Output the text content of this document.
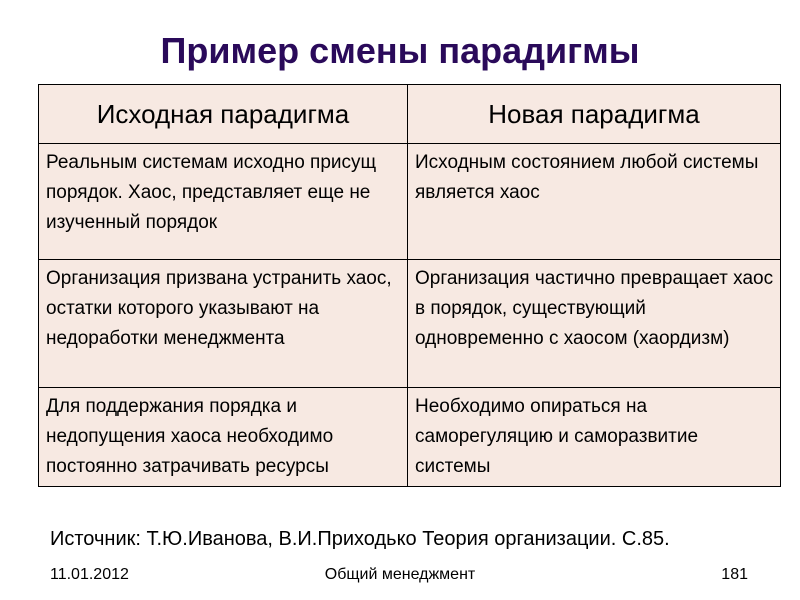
Пример смены парадигмы
Исходная парадигма	Новая парадигма
Реальным системам исходно присущ порядок. Хаос, представляет еще не изученный порядок	Исходным состоянием любой системы является хаос
Организация призвана устранить хаос, остатки которого указывают на недоработки менеджмента	Организация частично превращает хаос в порядок, существующий одновременно с хаосом (хаордизм)
Для поддержания порядка и недопущения хаоса необходимо постоянно затрачивать ресурсы	Необходимо опираться на саморегуляцию и саморазвитие системы
Источник: Т.Ю.Иванова, В.И.Приходько Теория организации. С.85.
11.01.2012	Общий менеджмент	181
